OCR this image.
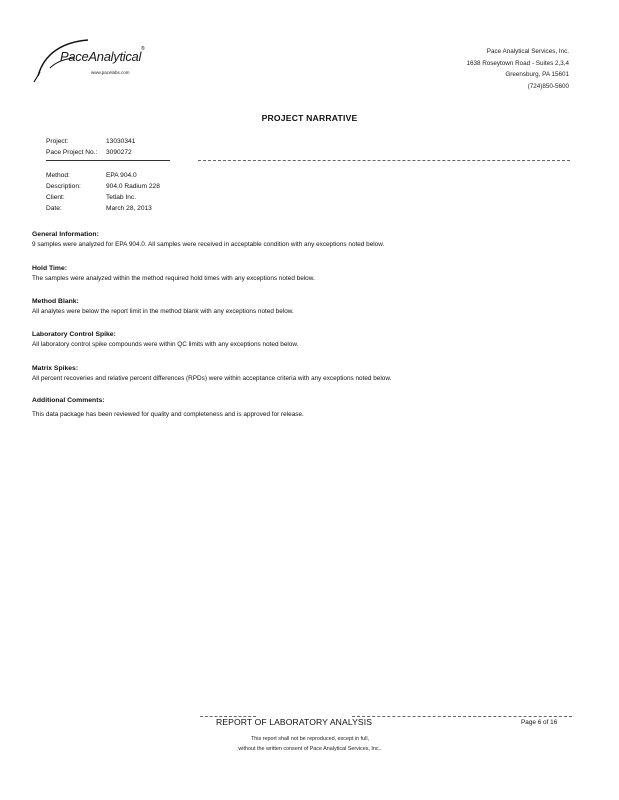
PaceAnalytical ®
www.pacelabs.com
Pace Analytical Services, Inc.
1638 Roseytown Road - Suites 2,3,4
Greensburg, PA 15601
(724)850-5600
PROJECT NARRATIVE
Project:	13030341
Pace Project No.: 3090272
Method:	EPA 904.0
Description:	904.0 Radium 228
Client:	Tetlab Inc.
Date:	March 28, 2013
General Information:
9 samples were analyzed for EPA 904.0. All samples were received in acceptable condition with any exceptions noted below.
Hold Time:
The samples were analyzed within the method required hold times with any exceptions noted below.
Method Blank:
All analytes were below the report limit in the method blank with any exceptions noted below.
Laboratory Control Spike:
All laboratory control spike compounds were within QC limits with any exceptions noted below.
Matrix Spikes:
All percent recoveries and relative percent differences (RPDs) were within acceptance criteria with any exceptions noted below.
Additional Comments:
This data package has been reviewed for quality and completeness and is approved for release.
REPORT OF LABORATORY ANALYSIS	Page 6 of 16
This report shall not be reproduced, except in full,
without the written consent of Pace Analytical Services, Inc..
